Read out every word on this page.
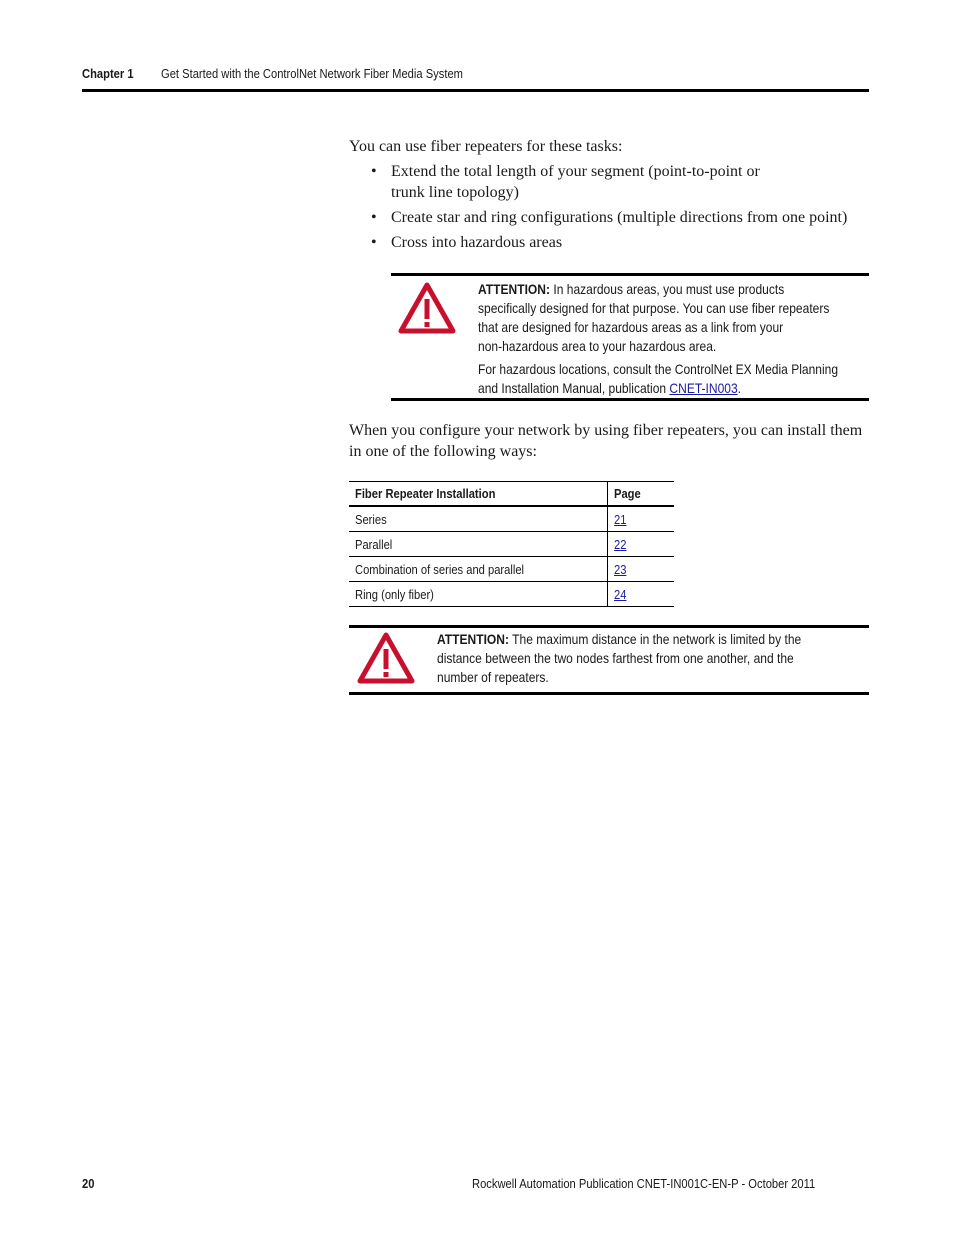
Chapter 1 Get Started with the ControlNet Network Fiber Media System
You can use fiber repeaters for these tasks:
• Extend the total length of your segment (point-to-point or
trunk line topology)
• Create star and ring configurations (multiple directions from one point)
• Cross into hazardous areas

ATTENTION: In hazardous areas, you must use products
specifically designed for that purpose. You can use fiber repeaters
that are designed for hazardous areas as a link from your
non-hazardous area to your hazardous area.

For hazardous locations, consult the ControlNet EX Media Planning
and Installation Manual, publication CNET-IN003.

When you configure your network by using fiber repeaters, you can install them
in one of the following ways:
Fiber Repeater Installation	Page
Series	21
Parallel	22
Combination of series and parallel	23
Ring (only fiber)	24

ATTENTION: The maximum distance in the network is limited by the
distance between the two nodes farthest from one another, and the
number of repeaters.

20	Rockwell Automation Publication CNET-IN001C-EN-P - October 2011
